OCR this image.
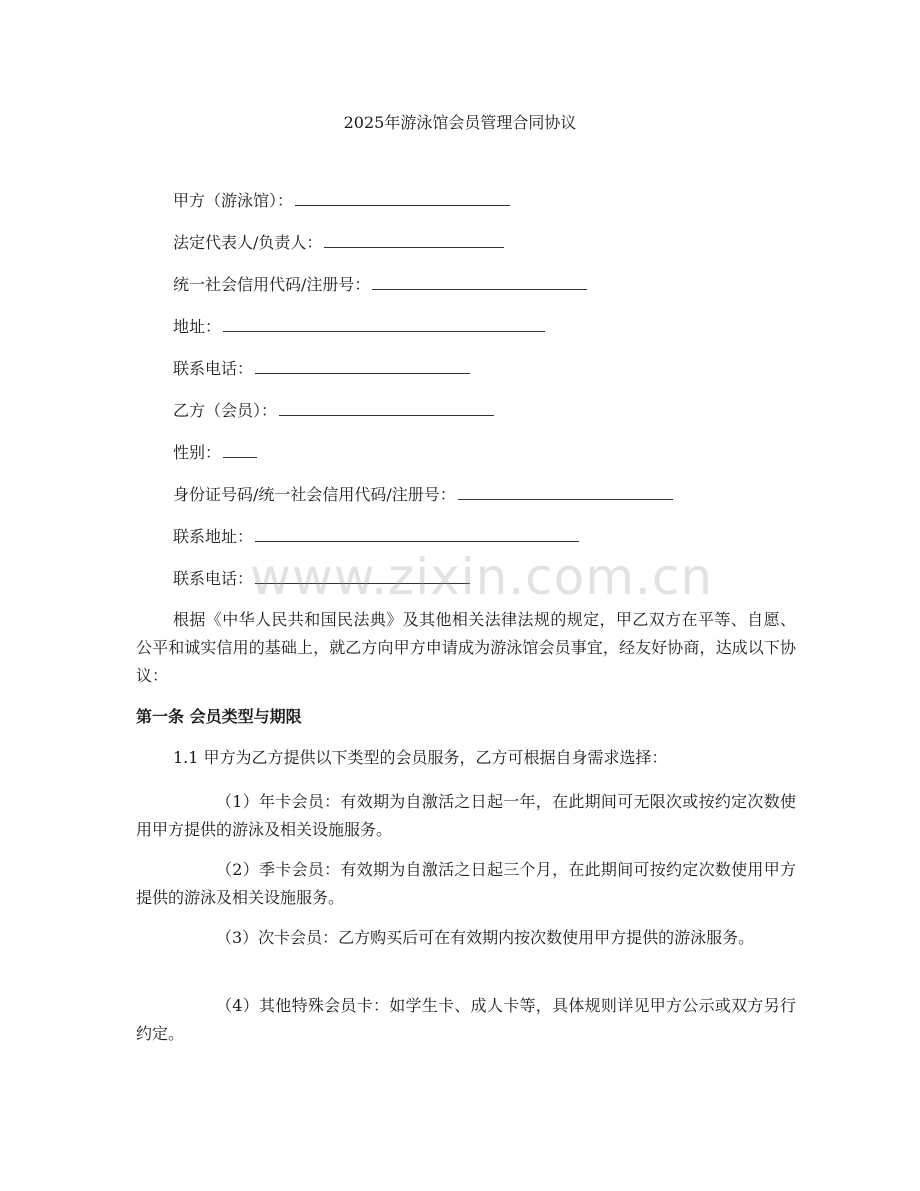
2025年游泳馆会员管理合同协议
甲方（游泳馆）：
法定代表人/负责人：
统一社会信用代码/注册号：
地址：
联系电话：
乙方（会员）：
性别：
身份证号码/统一社会信用代码/注册号：
联系地址：
联系电话：
根据《中华人民共和国民法典》及其他相关法律法规的规定，甲乙双方在平等、自愿、公平和诚实信用的基础上，就乙方向甲方申请成为游泳馆会员事宜，经友好协商，达成以下协议：
第一条 会员类型与期限
1.1 甲方为乙方提供以下类型的会员服务，乙方可根据自身需求选择：
（1）年卡会员：有效期为自激活之日起一年，在此期间可无限次或按约定次数使用甲方提供的游泳及相关设施服务。
（2）季卡会员：有效期为自激活之日起三个月，在此期间可按约定次数使用甲方提供的游泳及相关设施服务。
（3）次卡会员：乙方购买后可在有效期内按次数使用甲方提供的游泳服务。
（4）其他特殊会员卡：如学生卡、成人卡等，具体规则详见甲方公示或双方另行约定。
www.zixin.com.cn
